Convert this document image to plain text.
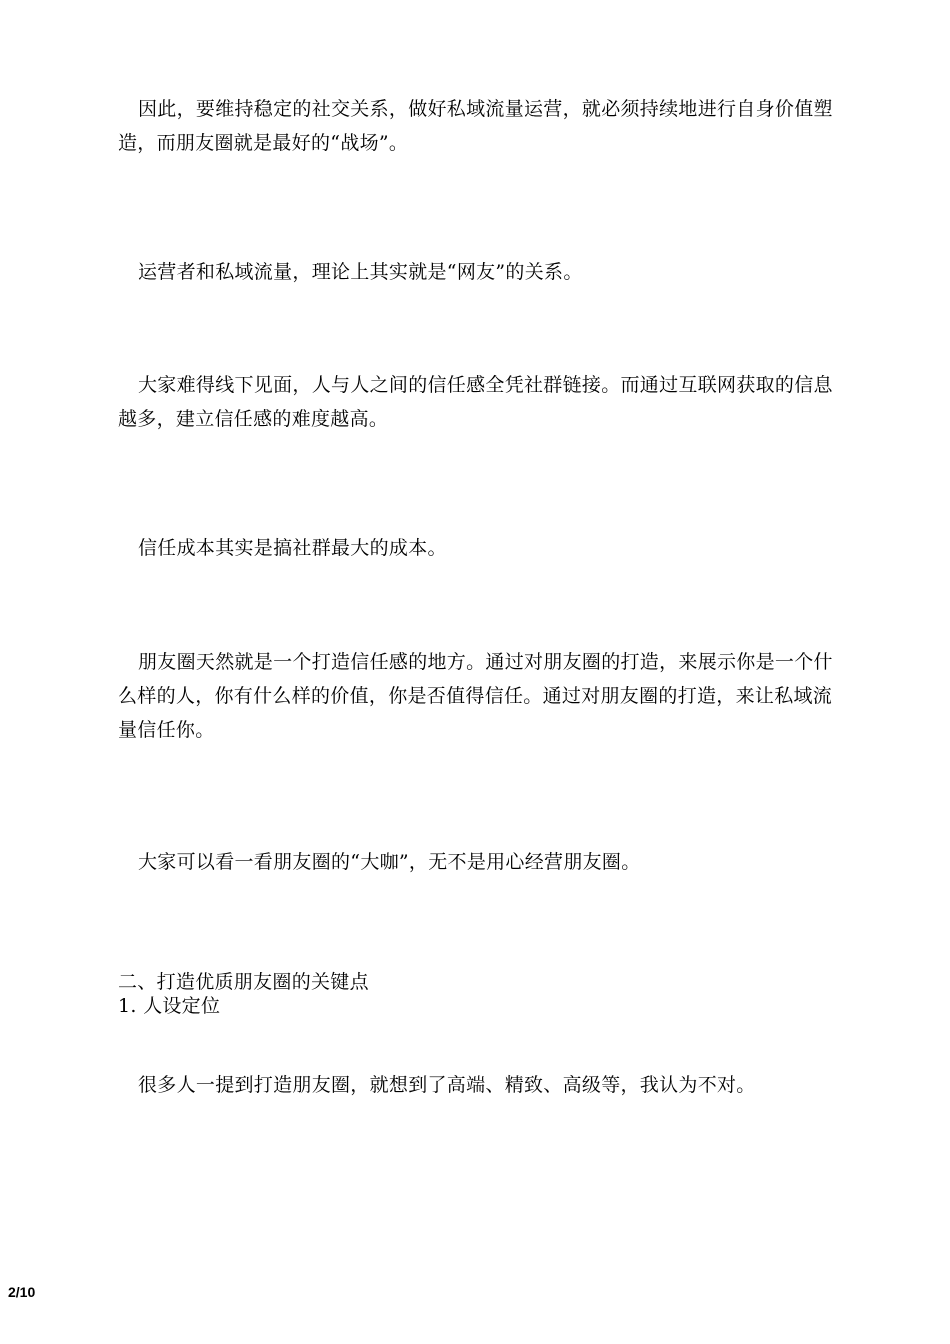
因此，要维持稳定的社交关系，做好私域流量运营，就必须持续地进行自身价值塑造，而朋友圈就是最好的“战场”。

运营者和私域流量，理论上其实就是“网友”的关系。

大家难得线下见面，人与人之间的信任感全凭社群链接。而通过互联网获取的信息越多，建立信任感的难度越高。

信任成本其实是搞社群最大的成本。

朋友圈天然就是一个打造信任感的地方。通过对朋友圈的打造，来展示你是一个什么样的人，你有什么样的价值，你是否值得信任。通过对朋友圈的打造，来让私域流量信任你。

大家可以看一看朋友圈的“大咖”，无不是用心经营朋友圈。

二、打造优质朋友圈的关键点

1. 人设定位

很多人一提到打造朋友圈，就想到了高端、精致、高级等，我认为不对。

2/10
